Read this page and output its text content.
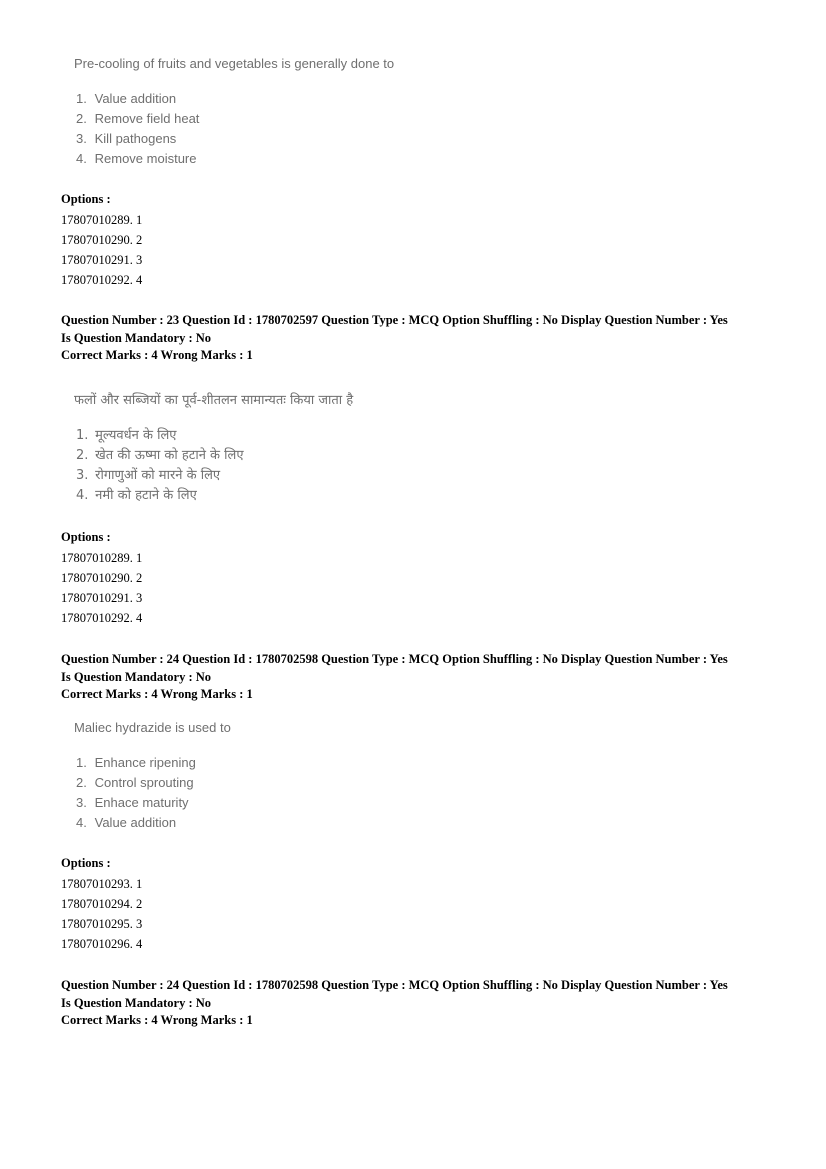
Pre-cooling of fruits and vegetables is generally done to
1. Value addition
2. Remove field heat
3. Kill pathogens
4. Remove moisture
Options :
17807010289. 1
17807010290. 2
17807010291. 3
17807010292. 4
Question Number : 23 Question Id : 1780702597 Question Type : MCQ Option Shuffling : No Display Question Number : Yes
Is Question Mandatory : No
Correct Marks : 4 Wrong Marks : 1
फलों और सब्जियों का पूर्व-शीतलन सामान्यतः किया जाता है
1. मूल्यवर्धन के लिए
2. खेत की ऊष्मा को हटाने के लिए
3. रोगाणुओं को मारने के लिए
4. नमी को हटाने के लिए
Options :
17807010289. 1
17807010290. 2
17807010291. 3
17807010292. 4
Question Number : 24 Question Id : 1780702598 Question Type : MCQ Option Shuffling : No Display Question Number : Yes
Is Question Mandatory : No
Correct Marks : 4 Wrong Marks : 1
Maliec hydrazide is used to
1. Enhance ripening
2. Control sprouting
3. Enhace maturity
4. Value addition
Options :
17807010293. 1
17807010294. 2
17807010295. 3
17807010296. 4
Question Number : 24 Question Id : 1780702598 Question Type : MCQ Option Shuffling : No Display Question Number : Yes
Is Question Mandatory : No
Correct Marks : 4 Wrong Marks : 1
